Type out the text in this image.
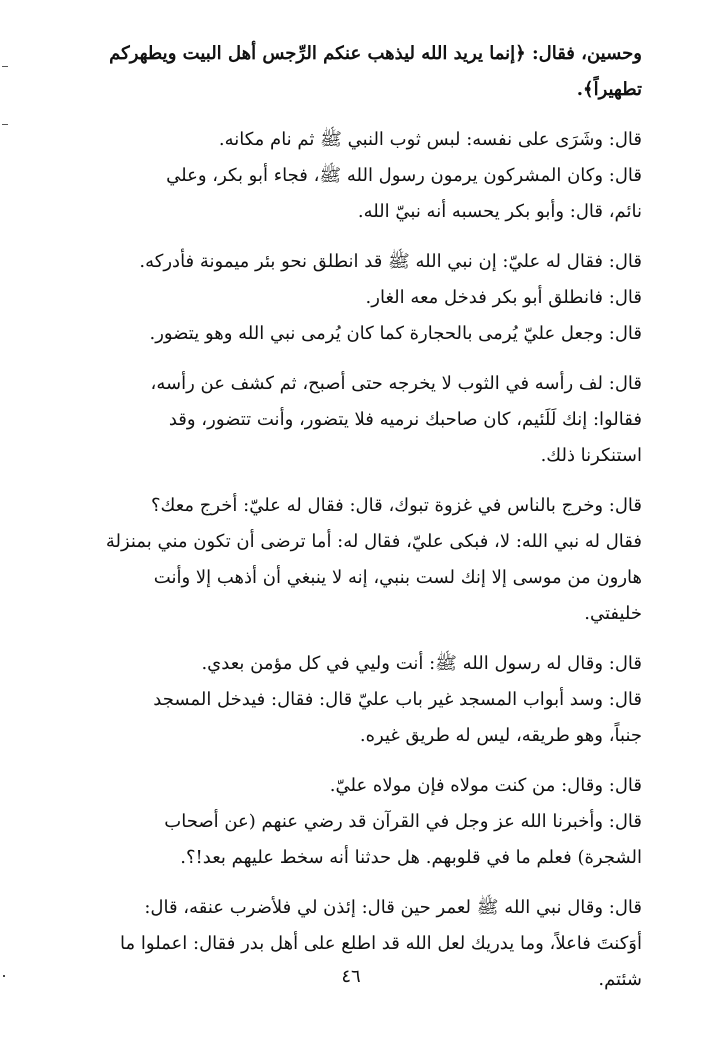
وحسين، فقال: ﴿إنما يريد الله ليذهب عنكم الرِّجس أهل البيت ويطهركم
تطهيراً﴾.

قال: وشَرَى على نفسه: لبس ثوب النبي ﷺ ثم نام مكانه.
قال: وكان المشركون يرمون رسول الله ﷺ، فجاء أبو بكر، وعلي
نائم، قال: وأبو بكر يحسبه أنه نبيّ الله.

قال: فقال له عليّ: إن نبي الله ﷺ قد انطلق نحو بئر ميمونة فأدركه.
قال: فانطلق أبو بكر فدخل معه الغار.
قال: وجعل عليّ يُرمى بالحجارة كما كان يُرمى نبي الله وهو يتضور.

قال: لف رأسه في الثوب لا يخرجه حتى أصبح، ثم كشف عن رأسه،
فقالوا: إنك لَلَئيم، كان صاحبك نرميه فلا يتضور، وأنت تتضور، وقد
استنكرنا ذلك.

قال: وخرج بالناس في غزوة تبوك، قال: فقال له عليّ: أخرج معك؟
فقال له نبي الله: لا، فبكى عليّ، فقال له: أما ترضى أن تكون مني بمنزلة
هارون من موسى إلا إنك لست بنبي، إنه لا ينبغي أن أذهب إلا وأنت
خليفتي.

قال: وقال له رسول الله ﷺ: أنت وليي في كل مؤمن بعدي.
قال: وسد أبواب المسجد غير باب عليّ قال: فقال: فيدخل المسجد
جنباً، وهو طريقه، ليس له طريق غيره.

قال: وقال: من كنت مولاه فإن مولاه عليّ.
قال: وأخبرنا الله عز وجل في القرآن قد رضي عنهم (عن أصحاب
الشجرة) فعلم ما في قلوبهم. هل حدثنا أنه سخط عليهم بعد!؟.

قال: وقال نبي الله ﷺ لعمر حين قال: إئذن لي فلأضرب عنقه، قال:
أوَكنتَ فاعلاً، وما يدريك لعل الله قد اطلع على أهل بدر فقال: اعملوا ما
شئتم.

٤٦
